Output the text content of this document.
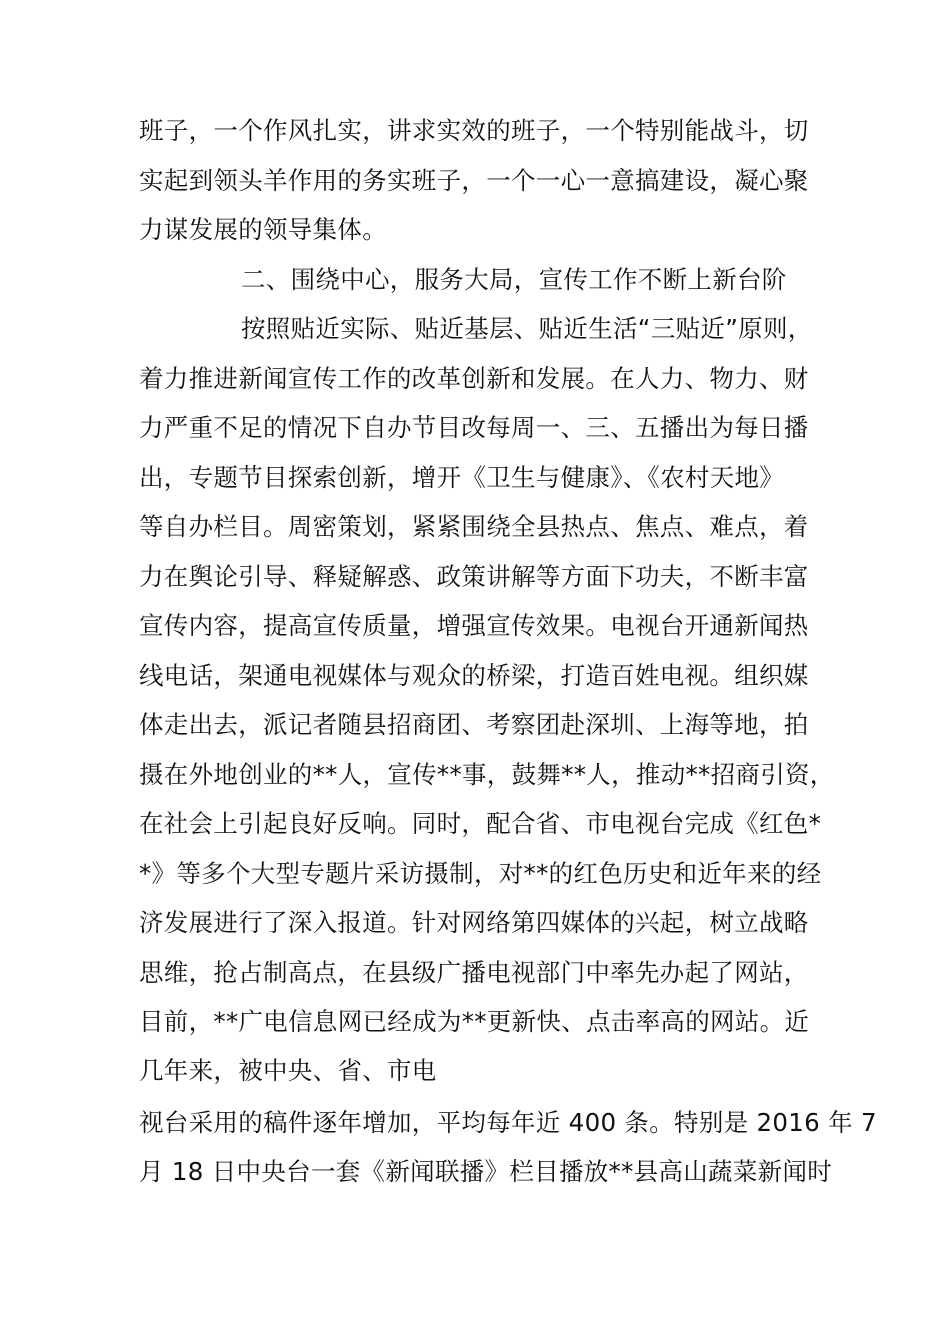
班子，一个作风扎实，讲求实效的班子，一个特别能战斗，切
实起到领头羊作用的务实班子，一个一心一意搞建设，凝心聚
力谋发展的领导集体。
二、围绕中心，服务大局，宣传工作不断上新台阶
按照贴近实际、贴近基层、贴近生活“三贴近”原则，
着力推进新闻宣传工作的改革创新和发展。在人力、物力、财
力严重不足的情况下自办节目改每周一、三、五播出为每日播
出，专题节目探索创新，增开《卫生与健康》、《农村天地》
等自办栏目。周密策划，紧紧围绕全县热点、焦点、难点，着
力在舆论引导、释疑解惑、政策讲解等方面下功夫，不断丰富
宣传内容，提高宣传质量，增强宣传效果。电视台开通新闻热
线电话，架通电视媒体与观众的桥梁，打造百姓电视。组织媒
体走出去，派记者随县招商团、考察团赴深圳、上海等地，拍
摄在外地创业的**人，宣传**事，鼓舞**人，推动**招商引资，
在社会上引起良好反响。同时，配合省、市电视台完成《红色*
*》等多个大型专题片采访摄制，对**的红色历史和近年来的经
济发展进行了深入报道。针对网络第四媒体的兴起，树立战略
思维，抢占制高点，在县级广播电视部门中率先办起了网站，
目前，**广电信息网已经成为**更新快、点击率高的网站。近
几年来，被中央、省、市电
视台采用的稿件逐年增加，平均每年近 400 条。特别是 2016 年 7
月 18 日中央台一套《新闻联播》栏目播放**县高山蔬菜新闻时
